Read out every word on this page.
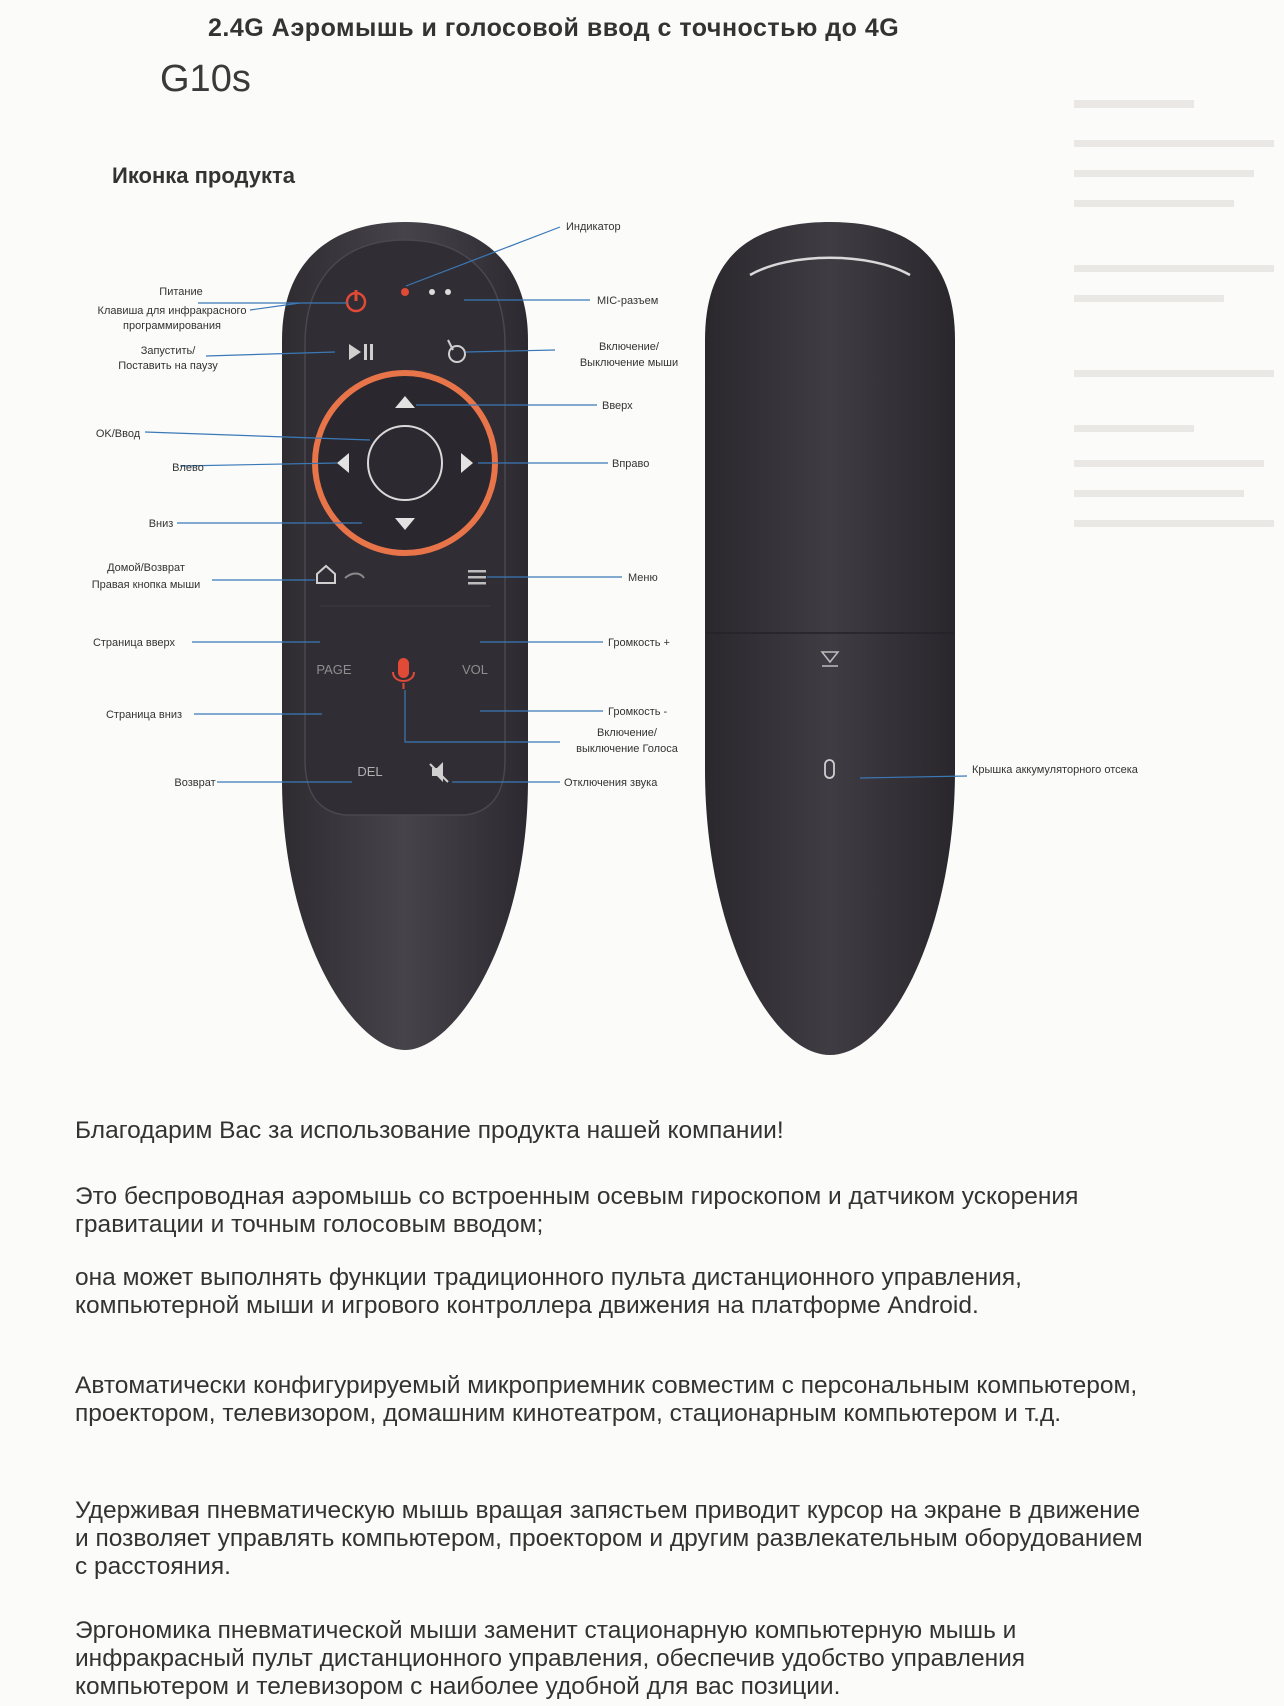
2.4G Аэромышь и голосовой ввод с точностью до 4G
G10s
Иконка продукта
PAGE	VOL
DEL
Питание
Клавиша для инфракрасного
программирования
Запустить/
Поставить на паузу
OK/Ввод
Влево
Вниз
Домой/Возврат
Правая кнопка мыши
Страница вверх
Страница вниз
Возврат
Индикатор
MIC-разъем
Включение/
Выключение мыши
Вверх
Вправо
Меню
Громкость +
Громкость -
Включение/
выключение Голоса
Отключения звука
Крышка аккумуляторного отсека

Благодарим Вас за использование продукта нашей компании!

Это беспроводная аэромышь со встроенным осевым гироскопом и датчиком ускорения гравитации и точным голосовым вводом;

она может выполнять функции традиционного пульта дистанционного управления, компьютерной мыши и игрового контроллера движения на платформе Android.

Автоматически конфигурируемый микроприемник совместим с персональным компьютером, проектором, телевизором, домашним кинотеатром, стационарным компьютером и т.д.

Удерживая пневматическую мышь вращая запястьем приводит курсор на экране в движение и позволяет управлять компьютером, проектором и другим развлекательным оборудованием с расстояния.

Эргономика пневматической мыши заменит стационарную компьютерную мышь и инфракрасный пульт дистанционного управления, обеспечив удобство управления компьютером и телевизором с наиболее удобной для вас позиции.
